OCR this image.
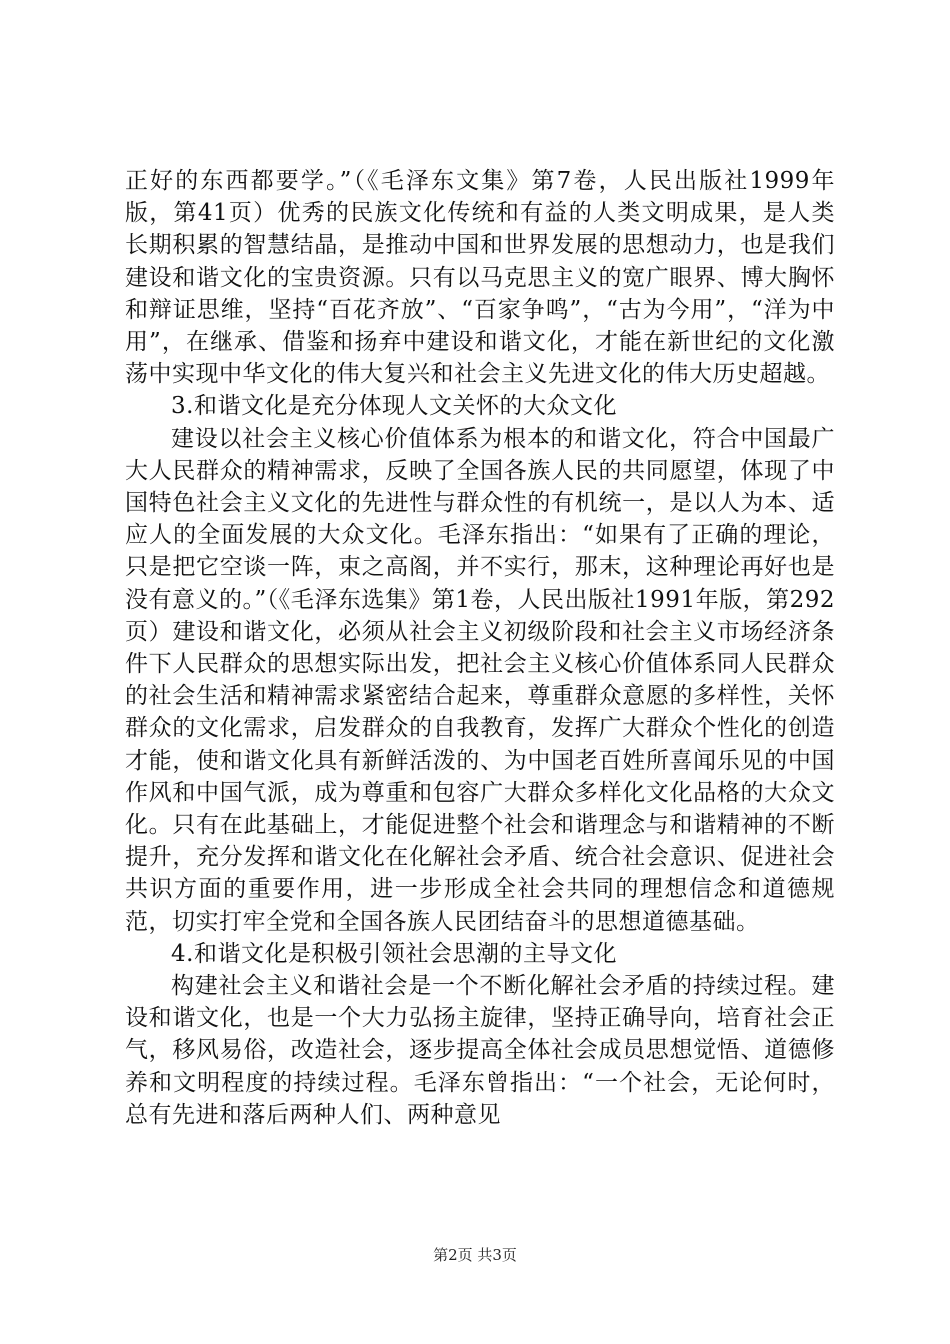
正好的东西都要学。”（《毛泽东文集》第7卷，人民出版社1999年版，第41页）优秀的民族文化传统和有益的人类文明成果，是人类长期积累的智慧结晶，是推动中国和世界发展的思想动力，也是我们建设和谐文化的宝贵资源。只有以马克思主义的宽广眼界、博大胸怀和辩证思维，坚持“百花齐放”、“百家争鸣”，“古为今用”，“洋为中用”，在继承、借鉴和扬弃中建设和谐文化，才能在新世纪的文化激荡中实现中华文化的伟大复兴和社会主义先进文化的伟大历史超越。

3.和谐文化是充分体现人文关怀的大众文化

建设以社会主义核心价值体系为根本的和谐文化，符合中国最广大人民群众的精神需求，反映了全国各族人民的共同愿望，体现了中国特色社会主义文化的先进性与群众性的有机统一，是以人为本、适应人的全面发展的大众文化。毛泽东指出：“如果有了正确的理论，只是把它空谈一阵，束之高阁，并不实行，那末，这种理论再好也是没有意义的。”（《毛泽东选集》第1卷，人民出版社1991年版，第292页）建设和谐文化，必须从社会主义初级阶段和社会主义市场经济条件下人民群众的思想实际出发，把社会主义核心价值体系同人民群众的社会生活和精神需求紧密结合起来，尊重群众意愿的多样性，关怀群众的文化需求，启发群众的自我教育，发挥广大群众个性化的创造才能，使和谐文化具有新鲜活泼的、为中国老百姓所喜闻乐见的中国作风和中国气派，成为尊重和包容广大群众多样化文化品格的大众文化。只有在此基础上，才能促进整个社会和谐理念与和谐精神的不断提升，充分发挥和谐文化在化解社会矛盾、统合社会意识、促进社会共识方面的重要作用，进一步形成全社会共同的理想信念和道德规范，切实打牢全党和全国各族人民团结奋斗的思想道德基础。

4.和谐文化是积极引领社会思潮的主导文化

构建社会主义和谐社会是一个不断化解社会矛盾的持续过程。建设和谐文化，也是一个大力弘扬主旋律，坚持正确导向，培育社会正气，移风易俗，改造社会，逐步提高全体社会成员思想觉悟、道德修养和文明程度的持续过程。毛泽东曾指出：“一个社会，无论何时，总有先进和落后两种人们、两种意见

第2页 共3页
